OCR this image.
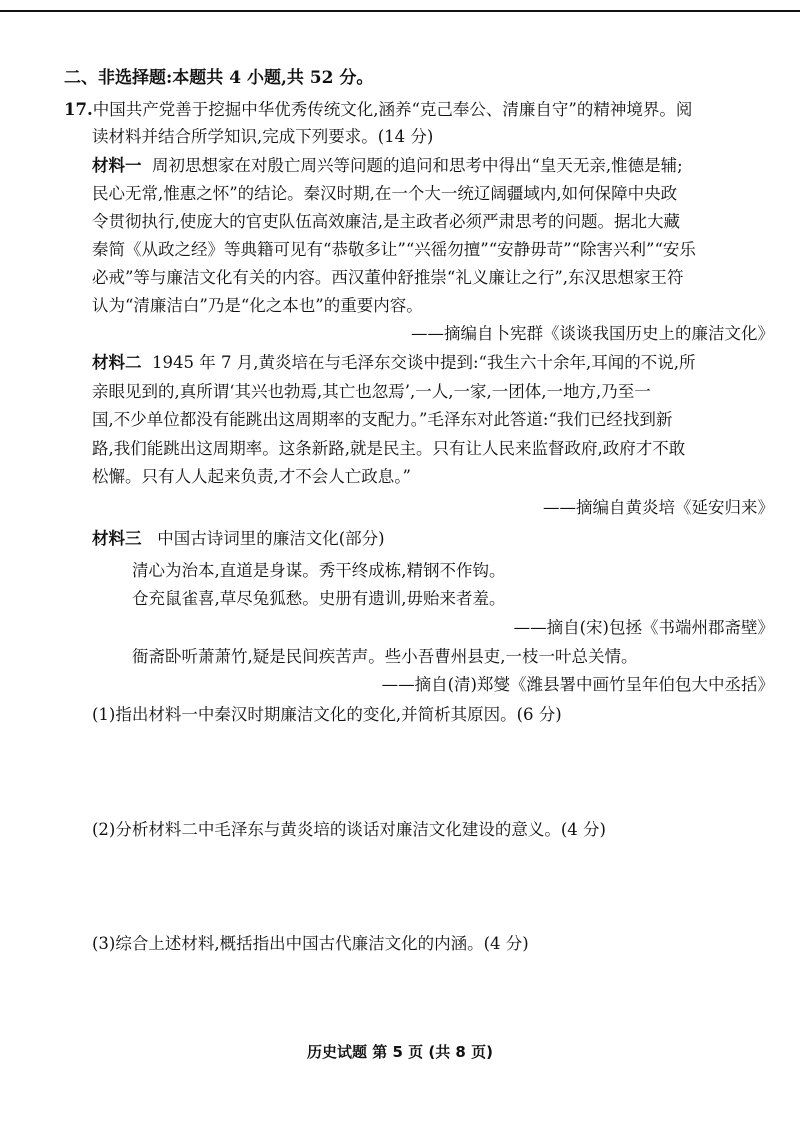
二、非选择题:本题共 4 小题,共 52 分。
17.中国共产党善于挖掘中华优秀传统文化,涵养“克己奉公、清廉自守”的精神境界。阅
读材料并结合所学知识,完成下列要求。(14 分)
材料一 周初思想家在对殷亡周兴等问题的追问和思考中得出“皇天无亲,惟德是辅;
民心无常,惟惠之怀”的结论。秦汉时期,在一个大一统辽阔疆域内,如何保障中央政
令贯彻执行,使庞大的官吏队伍高效廉洁,是主政者必须严肃思考的问题。据北大藏
秦简《从政之经》等典籍可见有“恭敬多让”“兴徭勿擅”“安静毋苛”“除害兴利”“安乐
必戒”等与廉洁文化有关的内容。西汉董仲舒推崇“礼义廉让之行”,东汉思想家王符
认为“清廉洁白”乃是“化之本也”的重要内容。
——摘编自卜宪群《谈谈我国历史上的廉洁文化》
材料二 1945 年 7 月,黄炎培在与毛泽东交谈中提到:“我生六十余年,耳闻的不说,所
亲眼见到的,真所谓‘其兴也勃焉,其亡也忽焉’,一人,一家,一团体,一地方,乃至一
国,不少单位都没有能跳出这周期率的支配力。”毛泽东对此答道:“我们已经找到新
路,我们能跳出这周期率。这条新路,就是民主。只有让人民来监督政府,政府才不敢
松懈。只有人人起来负责,才不会人亡政息。”
——摘编自黄炎培《延安归来》
材料三 中国古诗词里的廉洁文化(部分)
清心为治本,直道是身谋。秀干终成栋,精钢不作钩。
仓充鼠雀喜,草尽兔狐愁。史册有遗训,毋贻来者羞。
——摘自(宋)包拯《书端州郡斋壁》
衙斋卧听萧萧竹,疑是民间疾苦声。些小吾曹州县吏,一枝一叶总关情。
——摘自(清)郑燮《潍县署中画竹呈年伯包大中丞括》
(1)指出材料一中秦汉时期廉洁文化的变化,并简析其原因。(6 分)
(2)分析材料二中毛泽东与黄炎培的谈话对廉洁文化建设的意义。(4 分)
(3)综合上述材料,概括指出中国古代廉洁文化的内涵。(4 分)
历史试题 第 5 页 (共 8 页)
